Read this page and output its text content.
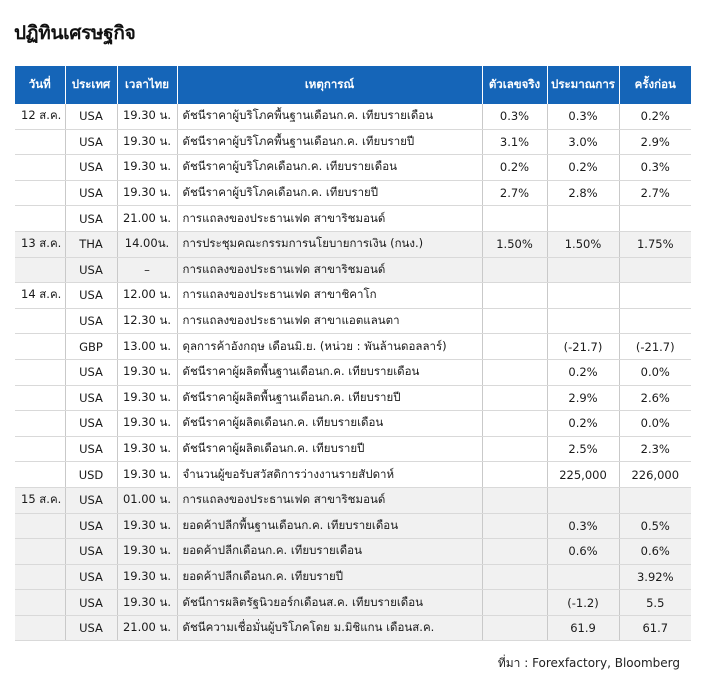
ปฏิทินเศรษฐกิจ
วันที่	ประเทศ	เวลาไทย	เหตุการณ์	ตัวเลขจริง	ประมาณการ	ครั้งก่อน
12 ส.ค.	USA	19.30 น.	ดัชนีราคาผู้บริโภคพื้นฐานเดือนก.ค. เทียบรายเดือน	0.3%	0.3%	0.2%
	USA	19.30 น.	ดัชนีราคาผู้บริโภคพื้นฐานเดือนก.ค. เทียบรายปี	3.1%	3.0%	2.9%
	USA	19.30 น.	ดัชนีราคาผู้บริโภคเดือนก.ค. เทียบรายเดือน	0.2%	0.2%	0.3%
	USA	19.30 น.	ดัชนีราคาผู้บริโภคเดือนก.ค. เทียบรายปี	2.7%	2.8%	2.7%
	USA	21.00 น.	การแถลงของประธานเฟด สาขาริชมอนด์			
13 ส.ค.	THA	14.00น.	การประชุมคณะกรรมการนโยบายการเงิน (กนง.)	1.50%	1.50%	1.75%
	USA	–	การแถลงของประธานเฟด สาขาริชมอนด์			
14 ส.ค.	USA	12.00 น.	การแถลงของประธานเฟด สาขาชิคาโก			
	USA	12.30 น.	การแถลงของประธานเฟด สาขาแอตแลนตา			
	GBP	13.00 น.	ดุลการค้าอังกฤษ เดือนมิ.ย. (หน่วย : พันล้านดอลลาร์)		(-21.7)	(-21.7)
	USA	19.30 น.	ดัชนีราคาผู้ผลิตพื้นฐานเดือนก.ค. เทียบรายเดือน		0.2%	0.0%
	USA	19.30 น.	ดัชนีราคาผู้ผลิตพื้นฐานเดือนก.ค. เทียบรายปี		2.9%	2.6%
	USA	19.30 น.	ดัชนีราคาผู้ผลิตเดือนก.ค. เทียบรายเดือน		0.2%	0.0%
	USA	19.30 น.	ดัชนีราคาผู้ผลิตเดือนก.ค. เทียบรายปี		2.5%	2.3%
	USD	19.30 น.	จำนวนผู้ขอรับสวัสดิการว่างงานรายสัปดาห์		225,000	226,000
15 ส.ค.	USA	01.00 น.	การแถลงของประธานเฟด สาขาริชมอนด์			
	USA	19.30 น.	ยอดค้าปลีกพื้นฐานเดือนก.ค. เทียบรายเดือน		0.3%	0.5%
	USA	19.30 น.	ยอดค้าปลีกเดือนก.ค. เทียบรายเดือน		0.6%	0.6%
	USA	19.30 น.	ยอดค้าปลีกเดือนก.ค. เทียบรายปี			3.92%
	USA	19.30 น.	ดัชนีการผลิตรัฐนิวยอร์กเดือนส.ค. เทียบรายเดือน		(-1.2)	5.5
	USA	21.00 น.	ดัชนีความเชื่อมั่นผู้บริโภคโดย ม.มิชิแกน เดือนส.ค.		61.9	61.7
ที่มา : Forexfactory, Bloomberg
